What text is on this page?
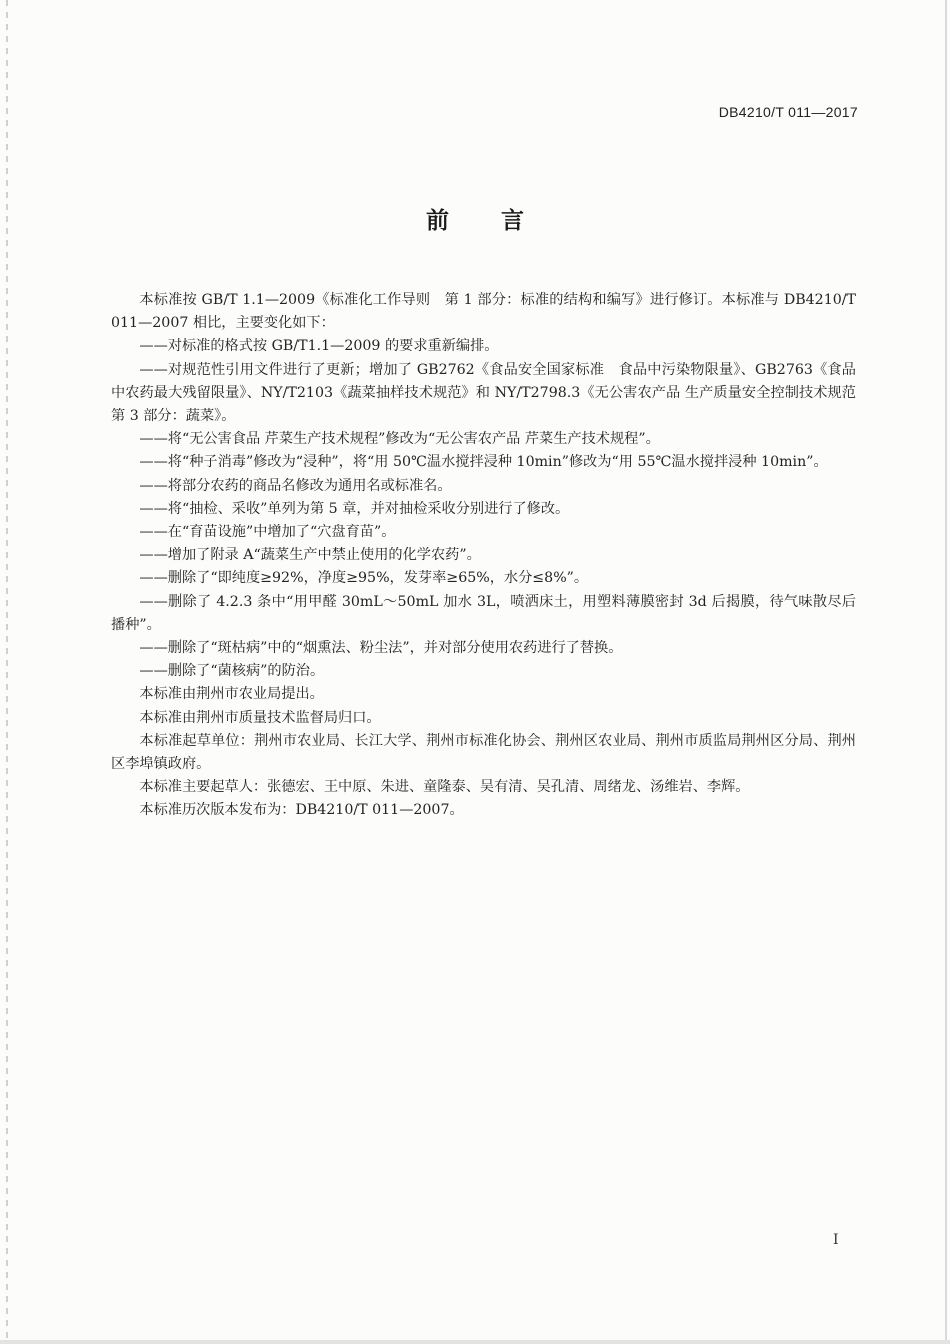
DB4210/T 011—2017
前 言

本标准按 GB/T 1.1—2009《标准化工作导则　第 1 部分：标准的结构和编写》进行修订。本标准与 DB4210/T011—2007 相比，主要变化如下：

——对标准的格式按 GB/T1.1—2009 的要求重新编排。

——对规范性引用文件进行了更新；增加了 GB2762《食品安全国家标准　食品中污染物限量》、GB2763《食品中农药最大残留限量》、NY/T2103《蔬菜抽样技术规范》和 NY/T2798.3《无公害农产品 生产质量安全控制技术规范 第 3 部分：蔬菜》。

——将“无公害食品 芹菜生产技术规程”修改为“无公害农产品 芹菜生产技术规程”。

——将“种子消毒”修改为“浸种”，将“用 50℃温水搅拌浸种 10min”修改为“用 55℃温水搅拌浸种 10min”。

——将部分农药的商品名修改为通用名或标准名。

——将“抽检、采收”单列为第 5 章，并对抽检采收分别进行了修改。

——在“育苗设施”中增加了“穴盘育苗”。

——增加了附录 A“蔬菜生产中禁止使用的化学农药”。

——删除了“即纯度≥92%，净度≥95%，发芽率≥65%，水分≤8%”。

——删除了 4.2.3 条中“用甲醛 30mL～50mL 加水 3L，喷洒床土，用塑料薄膜密封 3d 后揭膜，待气味散尽后播种”。

——删除了“斑枯病”中的“烟熏法、粉尘法”，并对部分使用农药进行了替换。

——删除了“菌核病”的防治。

本标准由荆州市农业局提出。

本标准由荆州市质量技术监督局归口。

本标准起草单位：荆州市农业局、长江大学、荆州市标准化协会、荆州区农业局、荆州市质监局荆州区分局、荆州区李埠镇政府。

本标准主要起草人：张德宏、王中原、朱进、童隆泰、吴有清、吴孔清、周绪龙、汤维岩、李辉。

本标准历次版本发布为：DB4210/T 011—2007。

I
